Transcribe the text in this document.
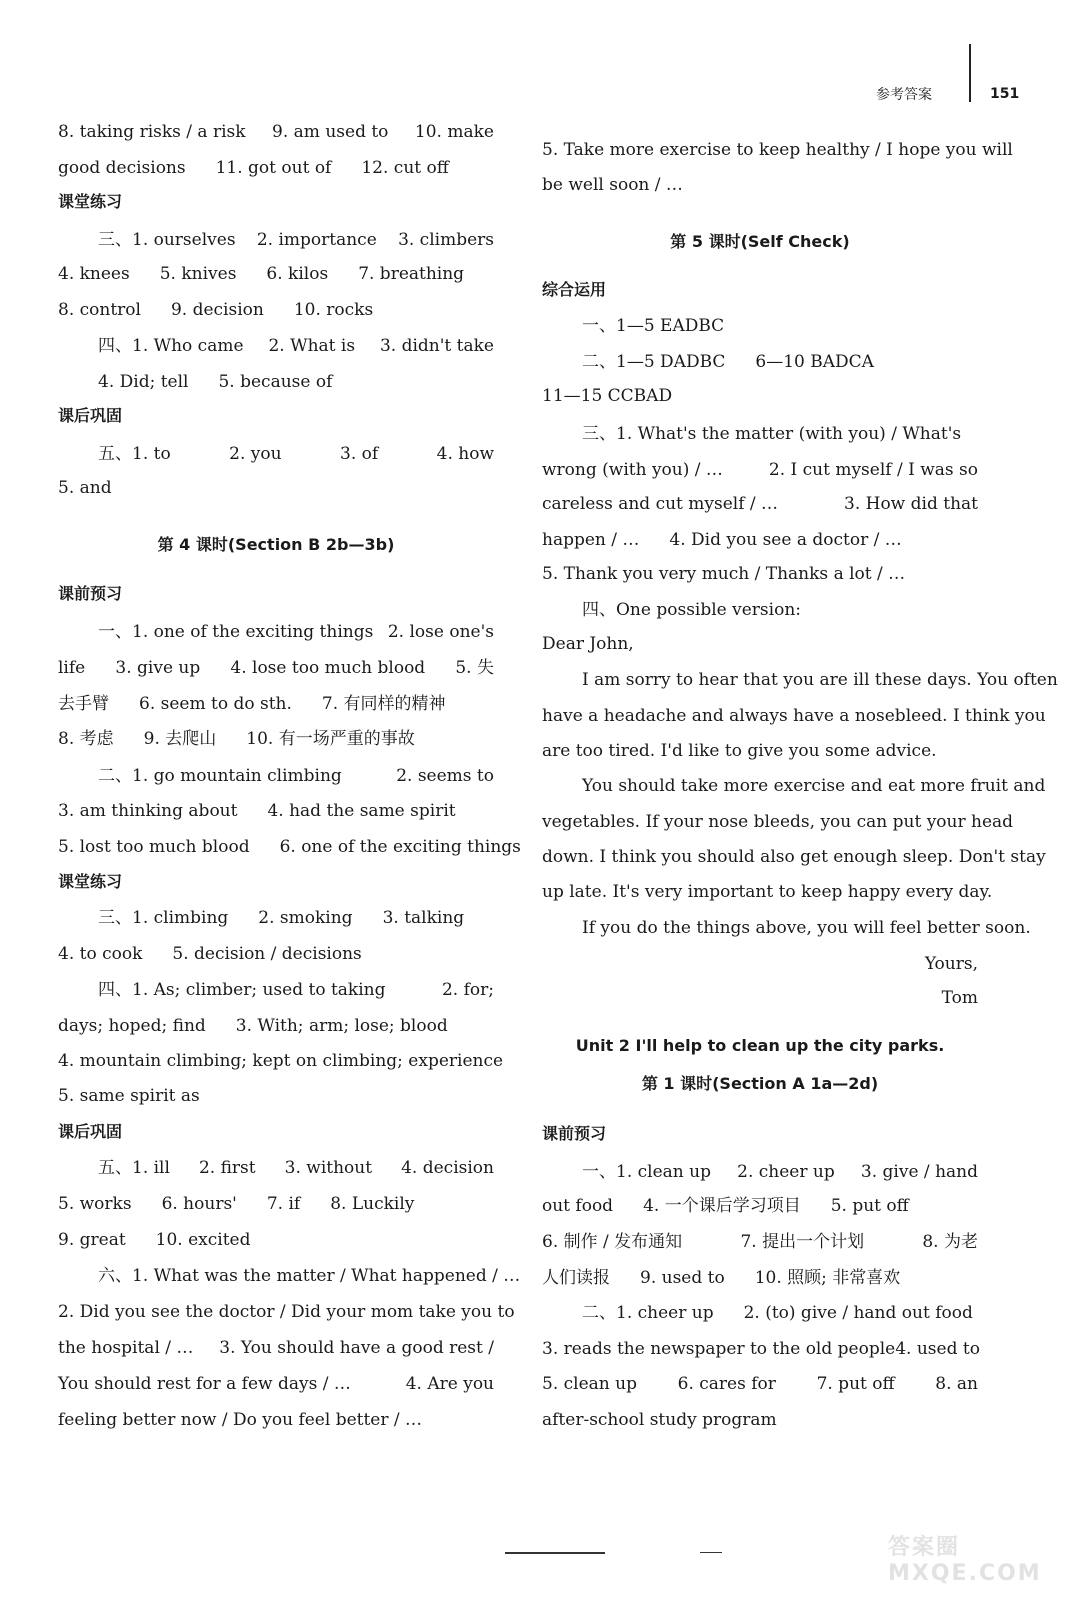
参考答案	151
8. taking risks / a risk 9. am used to 10. make
good decisions 11. got out of 12. cut off
课堂练习
三、1. ourselves 2. importance 3. climbers
4. knees 5. knives 6. kilos 7. breathing
8. control 9. decision 10. rocks
四、1. Who came 2. What is 3. didn't take
4. Did; tell 5. because of
课后巩固
五、1. to	2. you	3. of	4. how
5. and
第 4 课时(Section B 2b—3b)
课前预习
一、1. one of the exciting things 2. lose one's
life 3. give up 4. lose too much blood 5. 失
去手臂 6. seem to do sth. 7. 有同样的精神
8. 考虑 9. 去爬山 10. 有一场严重的事故
二、1. go mountain climbing	2. seems to
3. am thinking about 4. had the same spirit
5. lost too much blood 6. one of the exciting things
课堂练习
三、1. climbing 2. smoking 3. talking
4. to cook 5. decision / decisions
四、1. As; climber; used to taking	2. for;
days; hoped; find 3. With; arm; lose; blood
4. mountain climbing; kept on climbing; experience
5. same spirit as
课后巩固
五、1. ill 2. first 3. without 4. decision
5. works 6. hours' 7. if 8. Luckily
9. great 10. excited
六、1. What was the matter / What happened / …
2. Did you see the doctor / Did your mom take you to
the hospital / … 3. You should have a good rest /
You should rest for a few days / …	4. Are you
feeling better now / Do you feel better / …
5. Take more exercise to keep healthy / I hope you will
be well soon / …
第 5 课时(Self Check)
综合运用
一、1—5 EADBC
二、1—5 DADBC 6—10 BADCA
11—15 CCBAD
三、1. What's the matter (with you) / What's
wrong (with you) / …	2. I cut myself / I was so
careless and cut myself / …	3. How did that
happen / … 4. Did you see a doctor / …
5. Thank you very much / Thanks a lot / …
四、One possible version:
Dear John,
I am sorry to hear that you are ill these days. You often
have a headache and always have a nosebleed. I think you
are too tired. I'd like to give you some advice.
You should take more exercise and eat more fruit and
vegetables. If your nose bleeds, you can put your head
down. I think you should also get enough sleep. Don't stay
up late. It's very important to keep happy every day.
If you do the things above, you will feel better soon.
Yours,
Tom
Unit 2 I'll help to clean up the city parks.
第 1 课时(Section A 1a—2d)
课前预习
一、1. clean up 2. cheer up 3. give / hand
out food 4. 一个课后学习项目 5. put off
6. 制作 / 发布通知	7. 提出一个计划	8. 为老
人们读报 9. used to 10. 照顾; 非常喜欢
二、1. cheer up 2. (to) give / hand out food
3. reads the newspaper to the old people 4. used to
5. clean up 6. cares for 7. put off 8. an
after-school study program
答案圈 MXQE.COM
